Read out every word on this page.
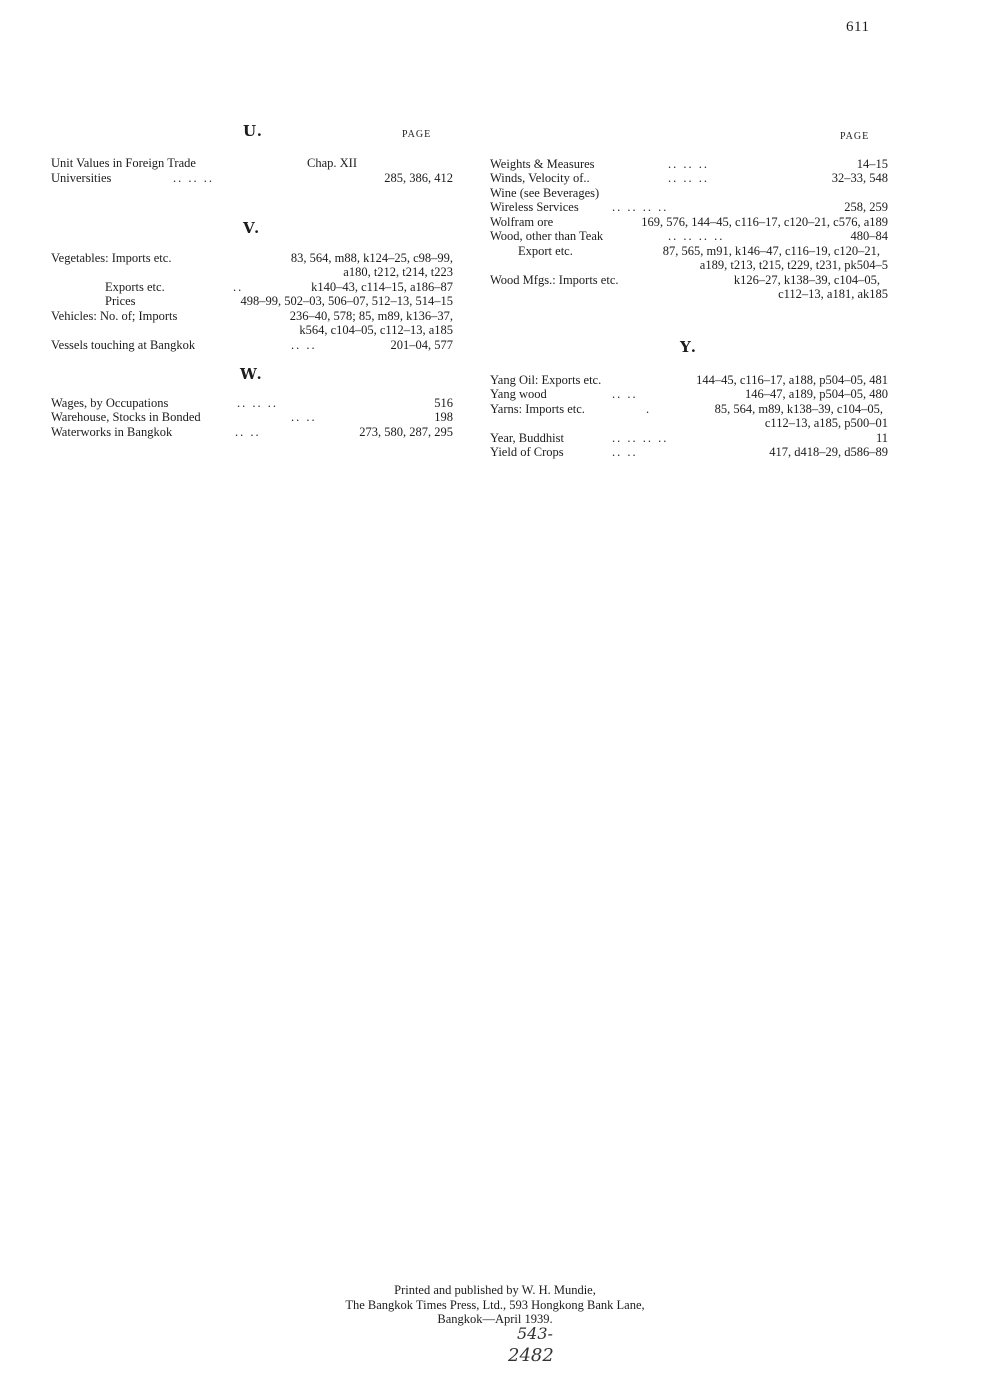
611
U.	PAGE
Unit Values in Foreign Trade	Chap. XII
Universities	.. .. ..	285, 386, 412
V.
Vegetables: Imports etc.	83, 564, m88, k124–25, c98–99,
a180, t212, t214, t223
Exports etc.	..	k140–43, c114–15, a186–87
Prices	498–99, 502–03, 506–07, 512–13, 514–15
Vehicles: No. of; Imports	236–40, 578; 85, m89, k136–37,
k564, c104–05, c112–13, a185
Vessels touching at Bangkok	.. ..	201–04, 577
W.
Wages, by Occupations	.. .. ..	516
Warehouse, Stocks in Bonded	.. ..	198
Waterworks in Bangkok	.. ..	273, 580, 287, 295
PAGE
Weights & Measures	.. .. ..	14–15
Winds, Velocity of..	.. .. ..	32–33, 548
Wine (see Beverages)
Wireless Services	.. .. .. ..	258, 259
Wolfram ore	169, 576, 144–45, c116–17, c120–21, c576, a189
Wood, other than Teak	.. .. .. ..	480–84
Export etc.	87, 565, m91, k146–47, c116–19, c120–21,
a189, t213, t215, t229, t231, pk504–5
Wood Mfgs.: Imports etc.	k126–27, k138–39, c104–05,
c112–13, a181, ak185
Y.
Yang Oil: Exports etc.	144–45, c116–17, a188, p504–05, 481
Yang wood	.. ..	146–47, a189, p504–05, 480
Yarns: Imports etc.	.	85, 564, m89, k138–39, c104–05,
c112–13, a185, p500–01
Year, Buddhist	.. .. .. ..	11
Yield of Crops	.. ..	417, d418–29, d586–89
Printed and published by W. H. Mundie,
The Bangkok Times Press, Ltd., 593 Hongkong Bank Lane,
Bangkok—April 1939.
543-
2482
